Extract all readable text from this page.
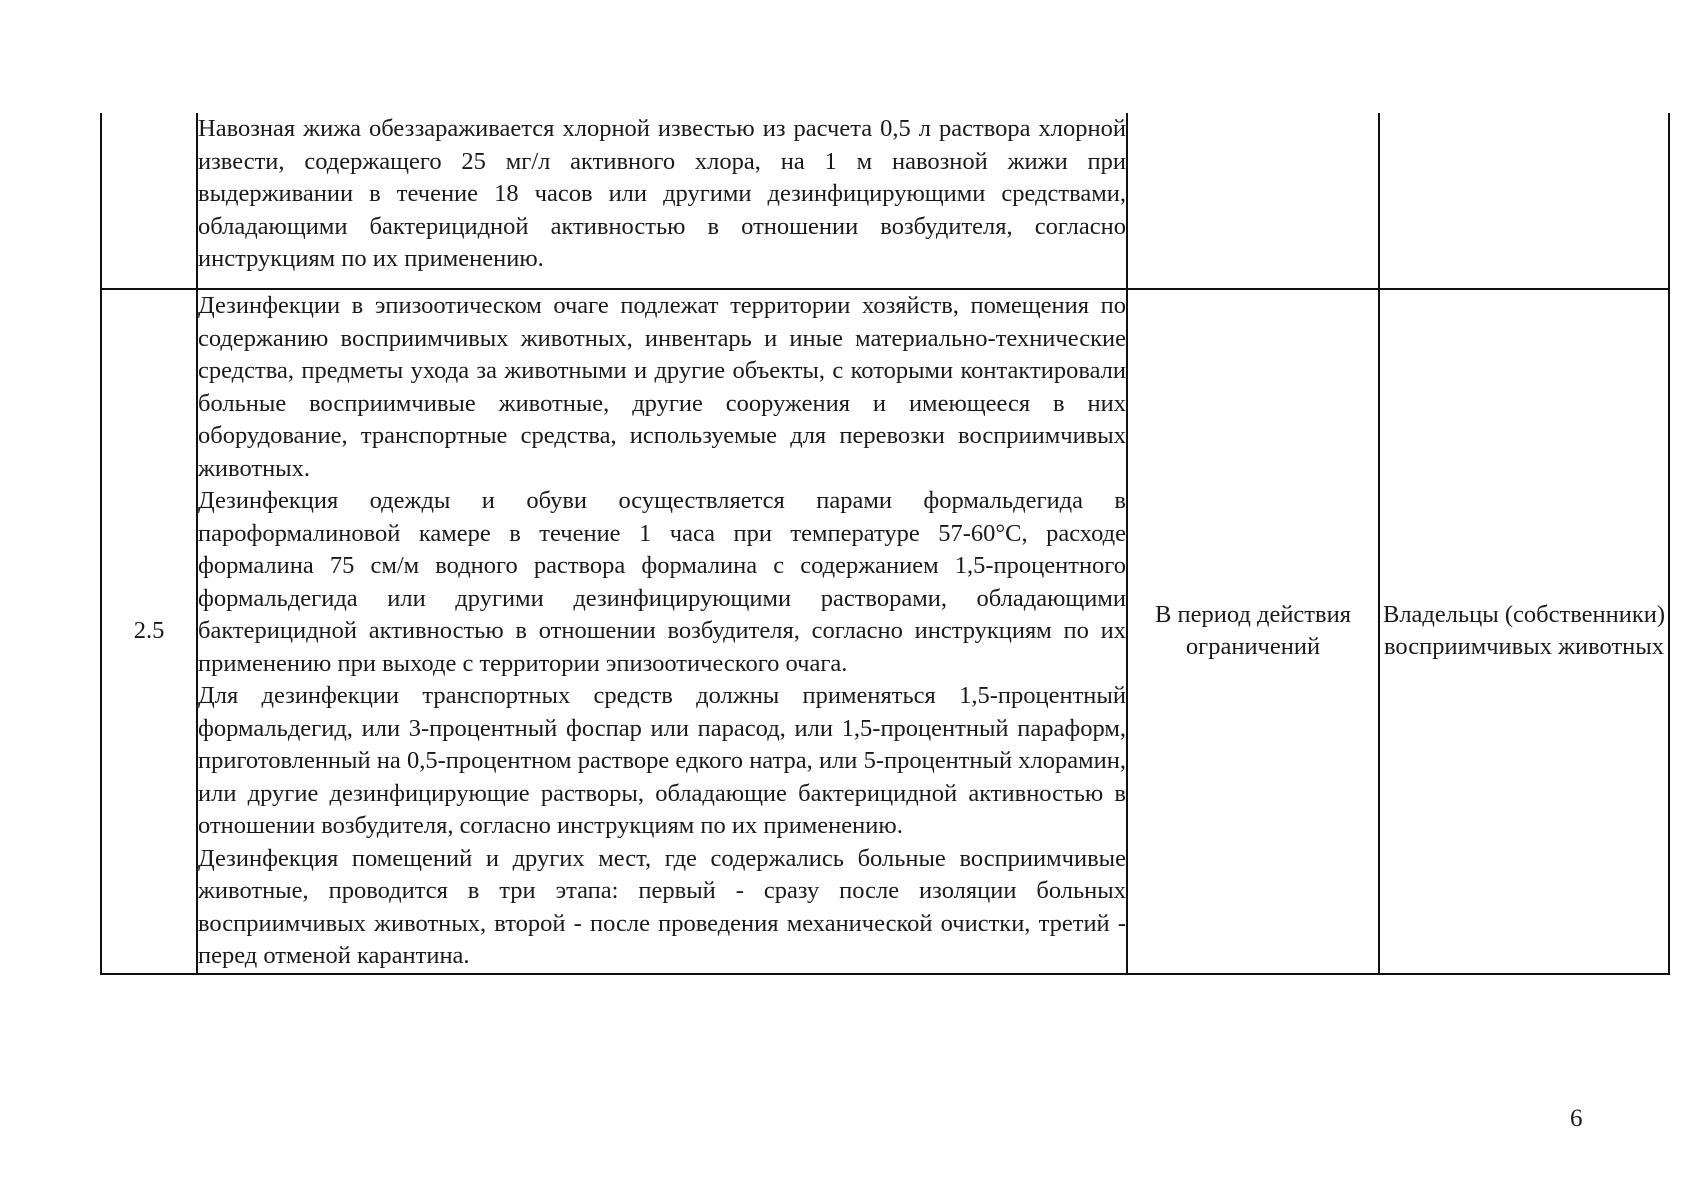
	Навозная жижа обеззараживается хлорной известью из расчета 0,5 л раствора хлорной извести, содержащего 25 мг/л активного хлора, на 1 м навозной жижи при выдерживании в течение 18 часов или другими дезинфицирующими средствами, обладающими бактерицидной активностью в отношении возбудителя, согласно инструкциям по их применению.		

2.5	Дезинфекции в эпизоотическом очаге подлежат территории хозяйств, помещения по содержанию восприимчивых животных, инвентарь и иные материально-технические средства, предметы ухода за животными и другие объекты, с которыми контактировали больные восприимчивые животные, другие сооружения и имеющееся в них оборудование, транспортные средства, используемые для перевозки восприимчивых животных.

Дезинфекция одежды и обуви осуществляется парами формальдегида в пароформалиновой камере в течение 1 часа при температуре 57-60°С, расходе формалина 75 см/м водного раствора формалина с содержанием 1,5-процентного формальдегида или другими дезинфицирующими растворами, обладающими бактерицидной активностью в отношении возбудителя, согласно инструкциям по их применению при выходе с территории эпизоотического очага.

Для дезинфекции транспортных средств должны применяться 1,5-процентный формальдегид, или 3-процентный фоспар или парасод, или 1,5-процентный параформ, приготовленный на 0,5-процентном растворе едкого натра, или 5-процентный хлорамин, или другие дезинфицирующие растворы, обладающие бактерицидной активностью в отношении возбудителя, согласно инструкциям по их применению.

Дезинфекция помещений и других мест, где содержались больные восприимчивые животные, проводится в три этапа: первый - сразу после изоляции больных восприимчивых животных, второй - после проведения механической очистки, третий - перед отменой карантина.	В период действия ограничений	Владельцы (собственники) восприимчивых животных
6
